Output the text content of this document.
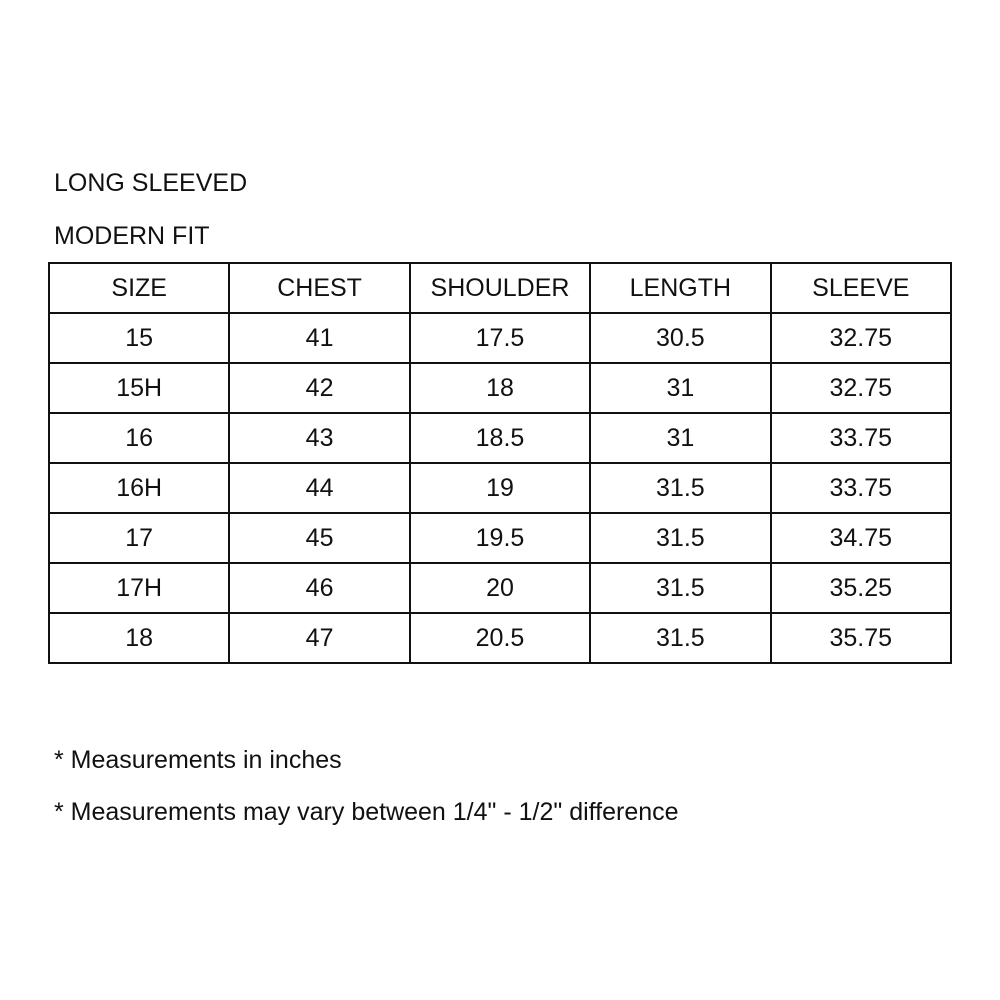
LONG SLEEVED
MODERN FIT
SIZE	CHEST	SHOULDER	LENGTH	SLEEVE
15	41	17.5	30.5	32.75
15H	42	18	31	32.75
16	43	18.5	31	33.75
16H	44	19	31.5	33.75
17	45	19.5	31.5	34.75
17H	46	20	31.5	35.25
18	47	20.5	31.5	35.75
* Measurements in inches
* Measurements may vary between 1/4" - 1/2" difference
